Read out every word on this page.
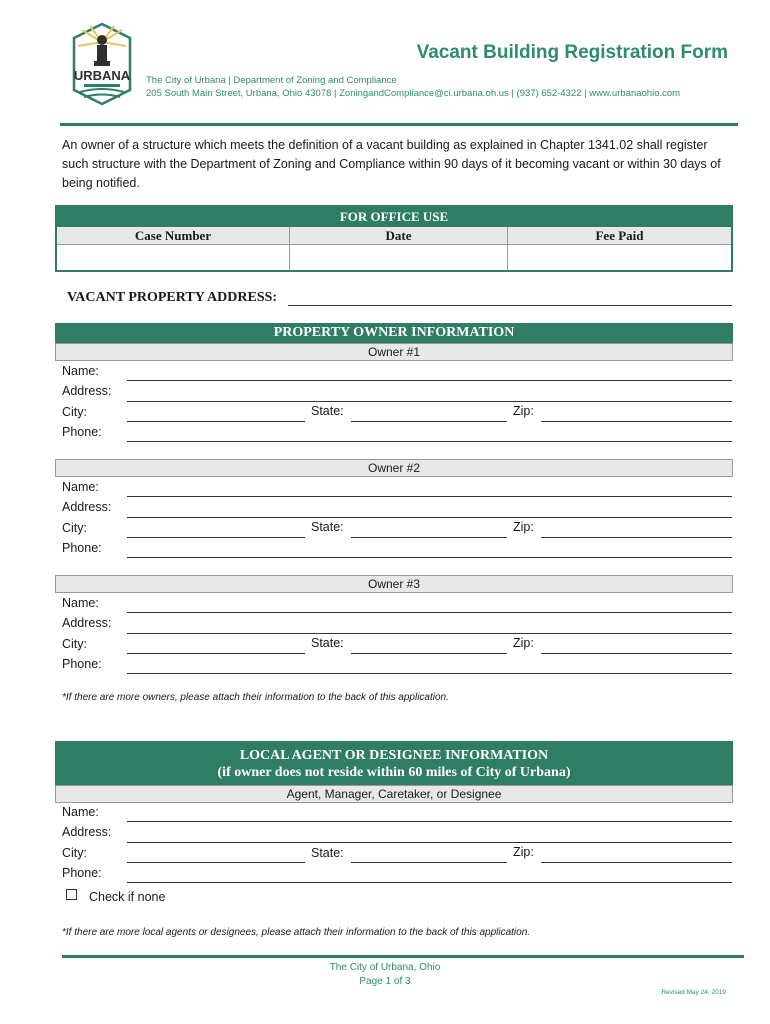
URBANA
Vacant Building Registration Form
The City of Urbana | Department of Zoning and Compliance
205 South Main Street, Urbana, Ohio 43078 | ZoningandCompliance@ci.urbana.oh.us | (937) 652-4322 | www.urbanaohio.com
An owner of a structure which meets the definition of a vacant building as explained in Chapter 1341.02 shall register such structure with the Department of Zoning and Compliance within 90 days of it becoming vacant or within 30 days of being notified.
FOR OFFICE USE
Case Number	Date	Fee Paid
VACANT PROPERTY ADDRESS:
PROPERTY OWNER INFORMATION
Owner #1
Name:
Address:
City:	State:	Zip:
Phone:
Owner #2
Name:
Address:
City:	State:	Zip:
Phone:
Owner #3
Name:
Address:
City:	State:	Zip:
Phone:
*If there are more owners, please attach their information to the back of this application.
LOCAL AGENT OR DESIGNEE INFORMATION
(if owner does not reside within 60 miles of City of Urbana)
Agent, Manager, Caretaker, or Designee
Name:
Address:
City:	State:	Zip:
Phone:
Check if none
*If there are more local agents or designees, please attach their information to the back of this application.
The City of Urbana, Ohio
Page 1 of 3
Revised May 24, 2019
